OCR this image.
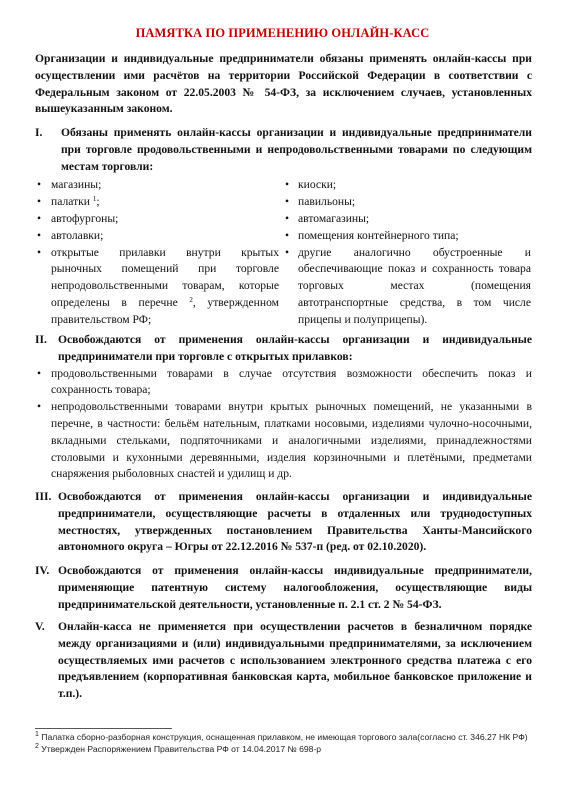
ПАМЯТКА ПО ПРИМЕНЕНИЮ ОНЛАЙН-КАСС
Организации и индивидуальные предприниматели обязаны применять онлайн-кассы при осуществлении ими расчётов на территории Российской Федерации в соответствии с Федеральным законом от 22.05.2003 № 54-ФЗ, за исключением случаев, установленных вышеуказанным законом.
I.	Обязаны применять онлайн-кассы организации и индивидуальные предприниматели при торговле продовольственными и непродовольственными товарами по следующим местам торговли:
• магазины;
• палатки $^1$;
• автофургоны;
• автолавки;
• открытые прилавки внутри крытых рыночных помещений при торговле непродовольственными товарам, которые определены в перечне $^2$, утвержденном правительством РФ;
• киоски;
• павильоны;
• автомагазины;
• помещения контейнерного типа;
• другие аналогично обустроенные и обеспечивающие показ и сохранность товара торговых местах (помещения автотранспортные средства, в том числе прицепы и полуприцепы).
II. Освобождаются от применения онлайн-кассы организации и индивидуальные предприниматели при торговле с открытых прилавков:
• продовольственными товарами в случае отсутствия возможности обеспечить показ и сохранность товара;
• непродовольственными товарами внутри крытых рыночных помещений, не указанными в перечне, в частности: бельём нательным, платками носовыми, изделиями чулочно-носочными, вкладными стельками, подпяточниками и аналогичными изделиями, принадлежностями столовыми и кухонными деревянными, изделия корзиночными и плетёными, предметами снаряжения рыболовных снастей и удилищ и др.
III. Освобождаются от применения онлайн-кассы организации и индивидуальные предприниматели, осуществляющие расчеты в отдаленных или труднодоступных местностях, утвержденных постановлением Правительства Ханты-Мансийского автономного округа – Югры от 22.12.2016 № 537-п (ред. от 02.10.2020).
IV. Освобождаются от применения онлайн-кассы индивидуальные предприниматели, применяющие патентную систему налогообложения, осуществляющие виды предпринимательской деятельности, установленные п. 2.1 ст. 2 № 54-ФЗ.
V.	Онлайн-касса не применяется при осуществлении расчетов в безналичном порядке между организациями и (или) индивидуальными предпринимателями, за исключением осуществляемых ими расчетов с использованием электронного средства платежа с его предъявлением (корпоративная банковская карта, мобильное банковское приложение и т.п.).
$^1$ Палатка сборно-разборная конструкция, оснащенная прилавком, не имеющая торгового зала(согласно ст. 346.27 НК РФ)
$^2$ Утвержден Распоряжением Правительства РФ от 14.04.2017 № 698-р
